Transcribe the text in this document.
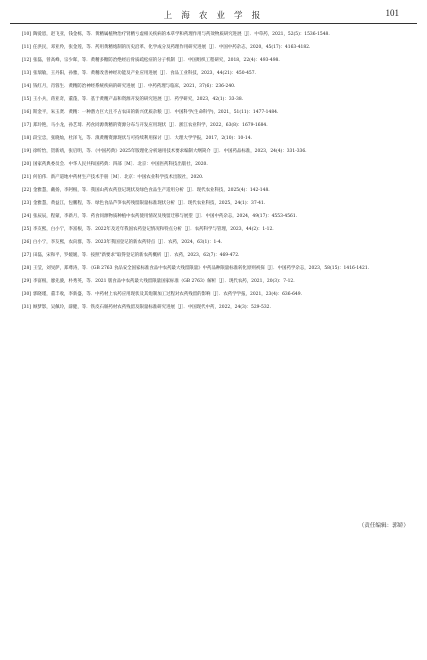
上 海 农 业 学 报	101
[10] 陶爱恩，赵飞亚，钱金栎，等．黄精属植物治疗肾精亏虚相关疾病的本草学和药理作用与药效物质研究进展［J］．中草药，2021，52(5)：1536-1548.
[11] 任洪民，邓亚羚，张金莲，等．药用黄精炮制的历史沿革、化学成分及药理作用研究进展［J］．中国中药杂志，2020，45(17)：4163-4182.
[12] 张磊，曾高峰，宗少晖，等．黄精多糖防治绝经后骨质疏松症的分子机制［J］．中国组织工程研究，2018，22(4)：493-498.
[13] 张瑞敏，王丹阳，孙雅，等．黄精改善神经功能及产业应用进展［J］．食品工业科技，2023，44(21)：450-457.
[14] 钱红月，肖蓉生．黄精防治神经系统疾病的研究进展［J］．中药药理与临床，2021，37(6)：236-240.
[15] 王小兵，蒋亚奇，董蓬，等．基于黄精产品和资源开发的研究进展［J］．药学研究，2023，42(1)：33-38.
[16] 斯金平，朱玉贤．黄精：一种潜力巨大且不占农田的新兴优质杂粮［J］．中国科学(生命科学)，2021，51(11)：1477-1484.
[17] 郑玲艳，马小龙，孙艺琦．药食同源黄精的资源分布与开发应用现状［J］．浙江农业科学，2022，63(8)：1679-1684.
[18] 段宝忠，张晓灿，杜泽飞，等．滇黄精资源现状与可持续利用探讨［J］．大理大学学报，2017，2(10)：10-14.
[19] 徐昕怡，贺新靖，张启明，等．《中国药典》2025年版理化分析通用技术要求编制大纲简介［J］．中国药品标准，2023，24(4)：331-336.
[20] 国家药典委员会．中华人民共和国药典：四部［M］．北京：中国医药科技出版社，2020.
[21] 何伯伟．新产道地中药材生产技术手册［M］．北京：中国农业科学技术出版社，2020.
[22] 金雅慧，戴扬，李阿根，等．我国山药农药登记现状及绿色食品生产适用分析［J］．现代农业科技，2025(4)：142-148.
[23] 金雅慧，黄益江，包鹏程，等．绿色食品芦笋农药残留限量标准现状分析［J］．现代农业科技，2025，24(1)：37-41.
[24] 张辰辰，程蒙，李新月，等．药食同源物质种植中农药使用情况及残留迁移与展望［J］．中国中药杂志，2024，49(17)：4553-4561.
[25] 李友熙，白小宁，李富根，等．2022年及近年我国农药登记情况和特点分析［J］．农药科学与管理，2023，44(2)：1-12.
[26] 白小宁，李友熙，农向群，等．2023年我国登记的新农药特点［J］．农药，2024，63(1)：1-4.
[27] 田磊，宋和平，罗媛媛，等．按照"新要求"取得登记的新农药概析［J］．农药，2023，62(7)：469-472.
[28] 王莹，刘旻萨，郑尊涛，等．《GB 2763 食品安全国家标准食品中农药最大残留限量》中药品种限量标准转化原则初探［J］．中国药学杂志，2023，58(15)：1416-1421.
[29] 李富根，廖先骏，朴秀英，等．2021 版食品中农药最大残留限量国家标准（GB 2763）解析［J］．现代农药，2021，20(3)：7-12.
[30] 郭晓瑾，董丰收，李新盛，等．中药材上农药应用现状及其炮制加工过程对农药残留的影响［J］．农药学学报，2021，23(4)：636-649.
[31] 顾梦影，吴佩玲，薛健，等．铁皮石斛药材农药残留及限量标准研究进展［J］．中国现代中药，2022，24(3)：529-532.
（责任编辑：郭娇）
